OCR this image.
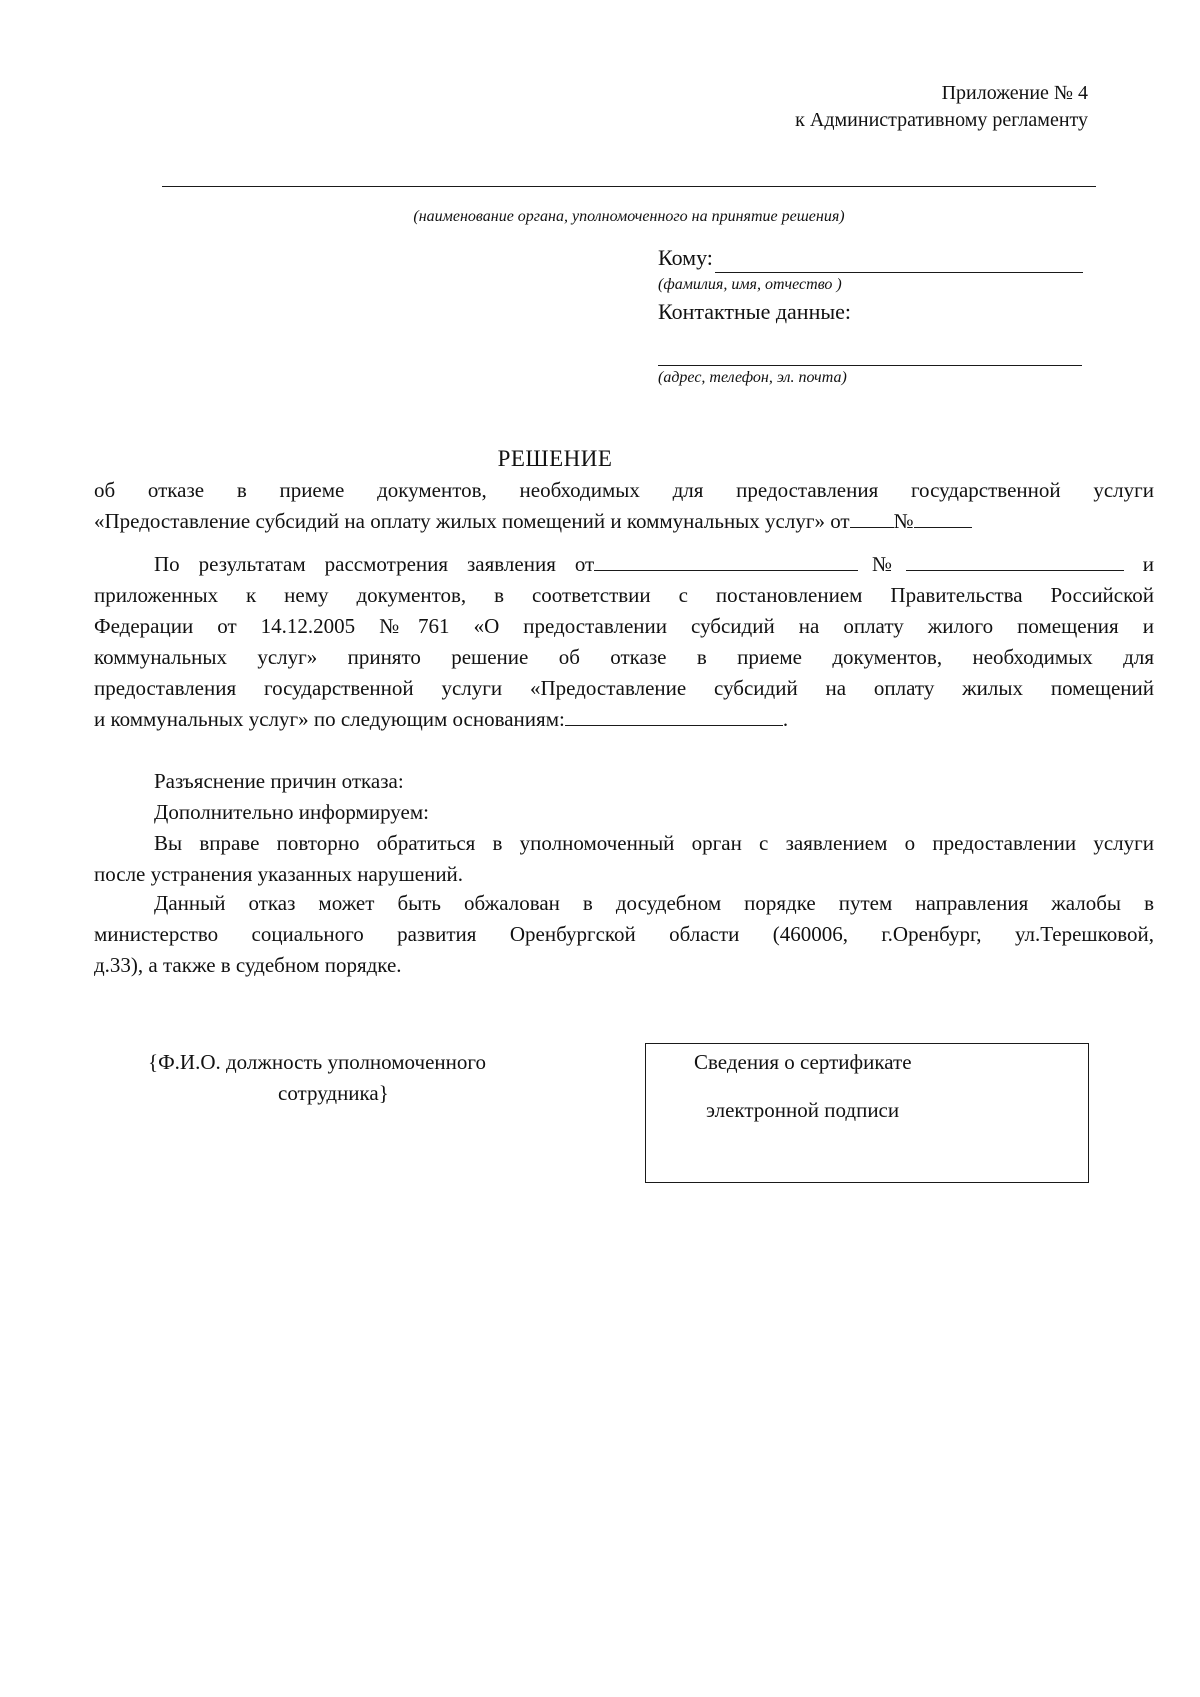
Приложение № 4
к Административному регламенту
(наименование органа, уполномоченного на принятие решения)
Кому:
(фамилия, имя, отчество )
Контактные данные:
(адрес, телефон, эл. почта)
РЕШЕНИЕ
об отказе в приеме документов, необходимых для предоставления государственной услуги
«Предоставление субсидий на оплату жилых помещений и коммунальных услуг» от №
По результатам рассмотрения заявления от	№	и
приложенных к нему документов, в соответствии с постановлением Правительства Российской
Федерации от 14.12.2005 №761 «О предоставлении субсидий на оплату жилого помещения и
коммунальных услуг» принято решение об отказе в приеме документов, необходимых для
предоставления государственной услуги «Предоставление субсидий на оплату жилых помещений
и коммунальных услуг» по следующим основаниям:	.
Разъяснение причин отказа:
Дополнительно информируем:
Вы вправе повторно обратиться в уполномоченный орган с заявлением о предоставлении услуги
после устранения указанных нарушений.
Данный отказ может быть обжалован в досудебном порядке путем направления жалобы в
министерство социального развития Оренбургской области (460006, г.Оренбург, ул.Терешковой,
д.33), а также в судебном порядке.
{Ф.И.О. должность уполномоченного
сотрудника}
Сведения о сертификате
электронной подписи
